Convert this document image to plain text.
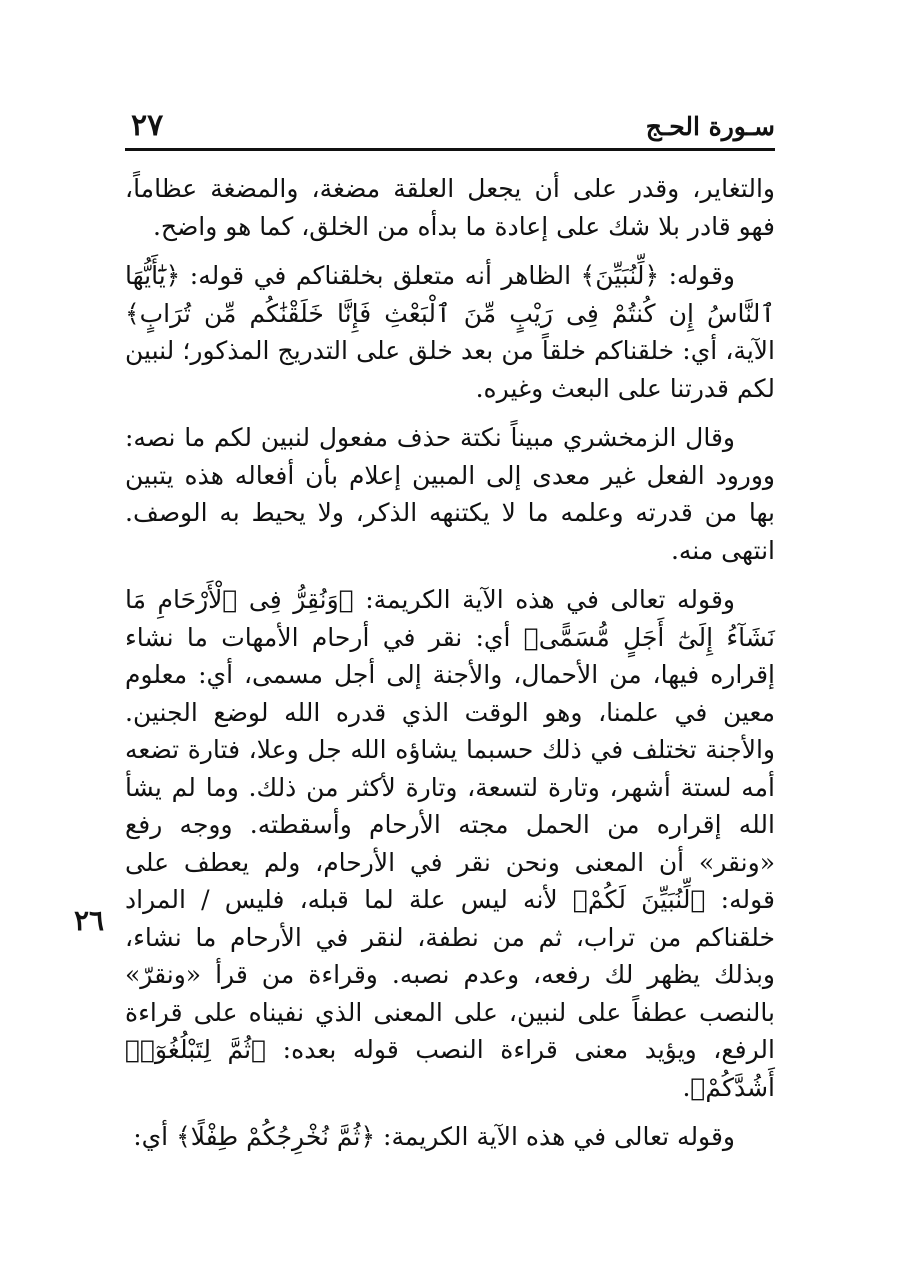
سـورة الحـج
٢٧

والتغاير، وقدر على أن يجعل العلقة مضغة، والمضغة عظاماً، فهو قادر بلا شك على إعادة ما بدأه من الخلق، كما هو واضح.

وقوله: ﴿لِّنُبَيِّنَ﴾ الظاهر أنه متعلق بخلقناكم في قوله: ﴿يَٰٓأَيُّهَا ٱلنَّاسُ إِن كُنتُمْ فِى رَيْبٍ مِّنَ ٱلْبَعْثِ فَإِنَّا خَلَقْنَٰكُم مِّن تُرَابٍ﴾ الآية، أي: خلقناكم خلقاً من بعد خلق على التدريج المذكور؛ لنبين لكم قدرتنا على البعث وغيره.

وقال الزمخشري مبيناً نكتة حذف مفعول لنبين لكم ما نصه: وورود الفعل غير معدى إلى المبين إعلام بأن أفعاله هذه يتبين بها من قدرته وعلمه ما لا يكتنهه الذكر، ولا يحيط به الوصف. انتهى منه.

وقوله تعالى في هذه الآية الكريمة: ﴿وَنُقِرُّ فِى ٱلْأَرْحَامِ مَا نَشَآءُ إِلَىٰٓ أَجَلٍ مُّسَمًّى﴾ أي: نقر في أرحام الأمهات ما نشاء إقراره فيها، من الأحمال، والأجنة إلى أجل مسمى، أي: معلوم معين في علمنا، وهو الوقت الذي قدره الله لوضع الجنين. والأجنة تختلف في ذلك حسبما يشاؤه الله جل وعلا، فتارة تضعه أمه لستة أشهر، وتارة لتسعة، وتارة لأكثر من ذلك. وما لم يشأ الله إقراره من الحمل مجته الأرحام وأسقطته. ووجه رفع «ونقر» أن المعنى ونحن نقر في الأرحام، ولم يعطف على قوله: ﴿لِّنُبَيِّنَ لَكُمْ﴾ لأنه ليس علة لما قبله، فليس / المراد خلقناكم من تراب، ثم من نطفة، لنقر في الأرحام ما نشاء، وبذلك يظهر لك رفعه، وعدم نصبه. وقراءة من قرأ «ونقرّ» بالنصب عطفاً على لنبين، على المعنى الذي نفيناه على قراءة الرفع، ويؤيد معنى قراءة النصب قوله بعده: ﴿ثُمَّ لِتَبْلُغُوٓا۟ أَشُدَّكُمْ﴾.

وقوله تعالى في هذه الآية الكريمة: ﴿ثُمَّ نُخْرِجُكُمْ طِفْلًا﴾ أي:

٢٦
